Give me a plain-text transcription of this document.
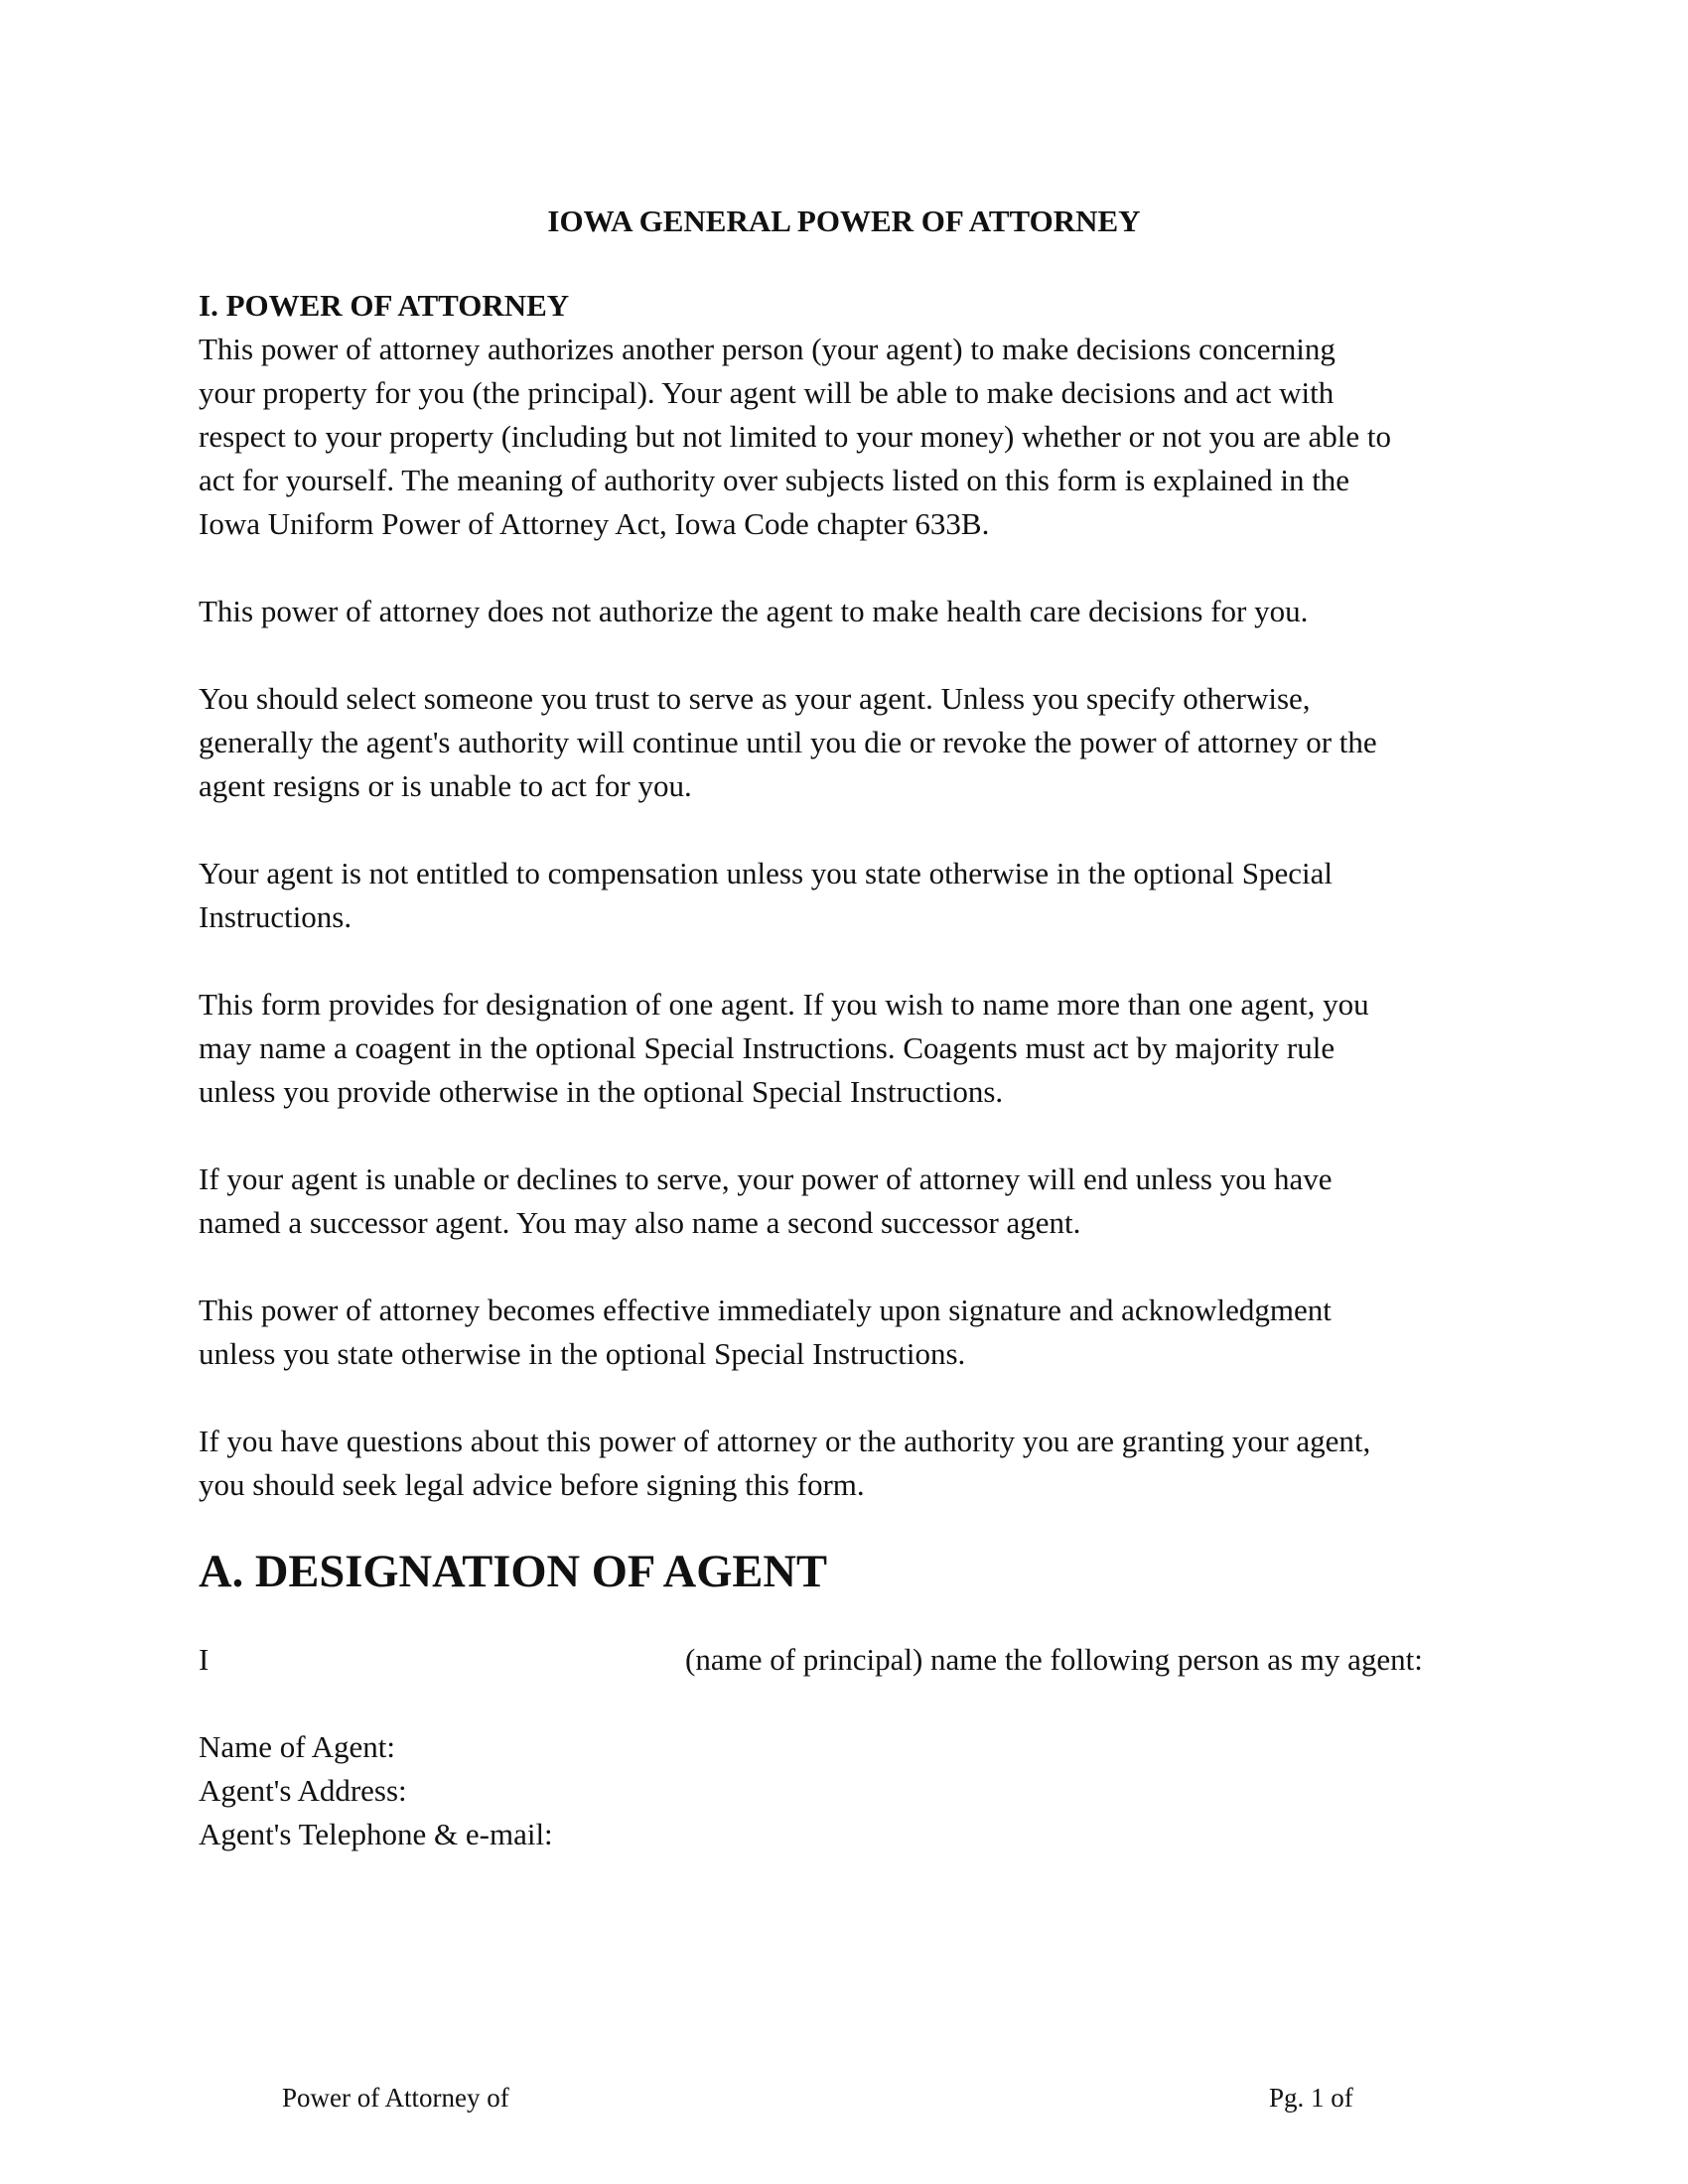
IOWA GENERAL POWER OF ATTORNEY
I. POWER OF ATTORNEY

This power of attorney authorizes another person (your agent) to make decisions concerning
your property for you (the principal). Your agent will be able to make decisions and act with
respect to your property (including but not limited to your money) whether or not you are able to
act for yourself. The meaning of authority over subjects listed on this form is explained in the
Iowa Uniform Power of Attorney Act, Iowa Code chapter 633B.

This power of attorney does not authorize the agent to make health care decisions for you.

You should select someone you trust to serve as your agent. Unless you specify otherwise,
generally the agent's authority will continue until you die or revoke the power of attorney or the
agent resigns or is unable to act for you.

Your agent is not entitled to compensation unless you state otherwise in the optional Special
Instructions.

This form provides for designation of one agent. If you wish to name more than one agent, you
may name a coagent in the optional Special Instructions. Coagents must act by majority rule
unless you provide otherwise in the optional Special Instructions.

If your agent is unable or declines to serve, your power of attorney will end unless you have
named a successor agent. You may also name a second successor agent.

This power of attorney becomes effective immediately upon signature and acknowledgment
unless you state otherwise in the optional Special Instructions.

If you have questions about this power of attorney or the authority you are granting your agent,
you should seek legal advice before signing this form.

A. DESIGNATION OF AGENT
I	(name of principal) name the following person as my agent:
Name of Agent:
Agent's Address:
Agent's Telephone & e-mail:
Power of Attorney of	Pg. 1 of
